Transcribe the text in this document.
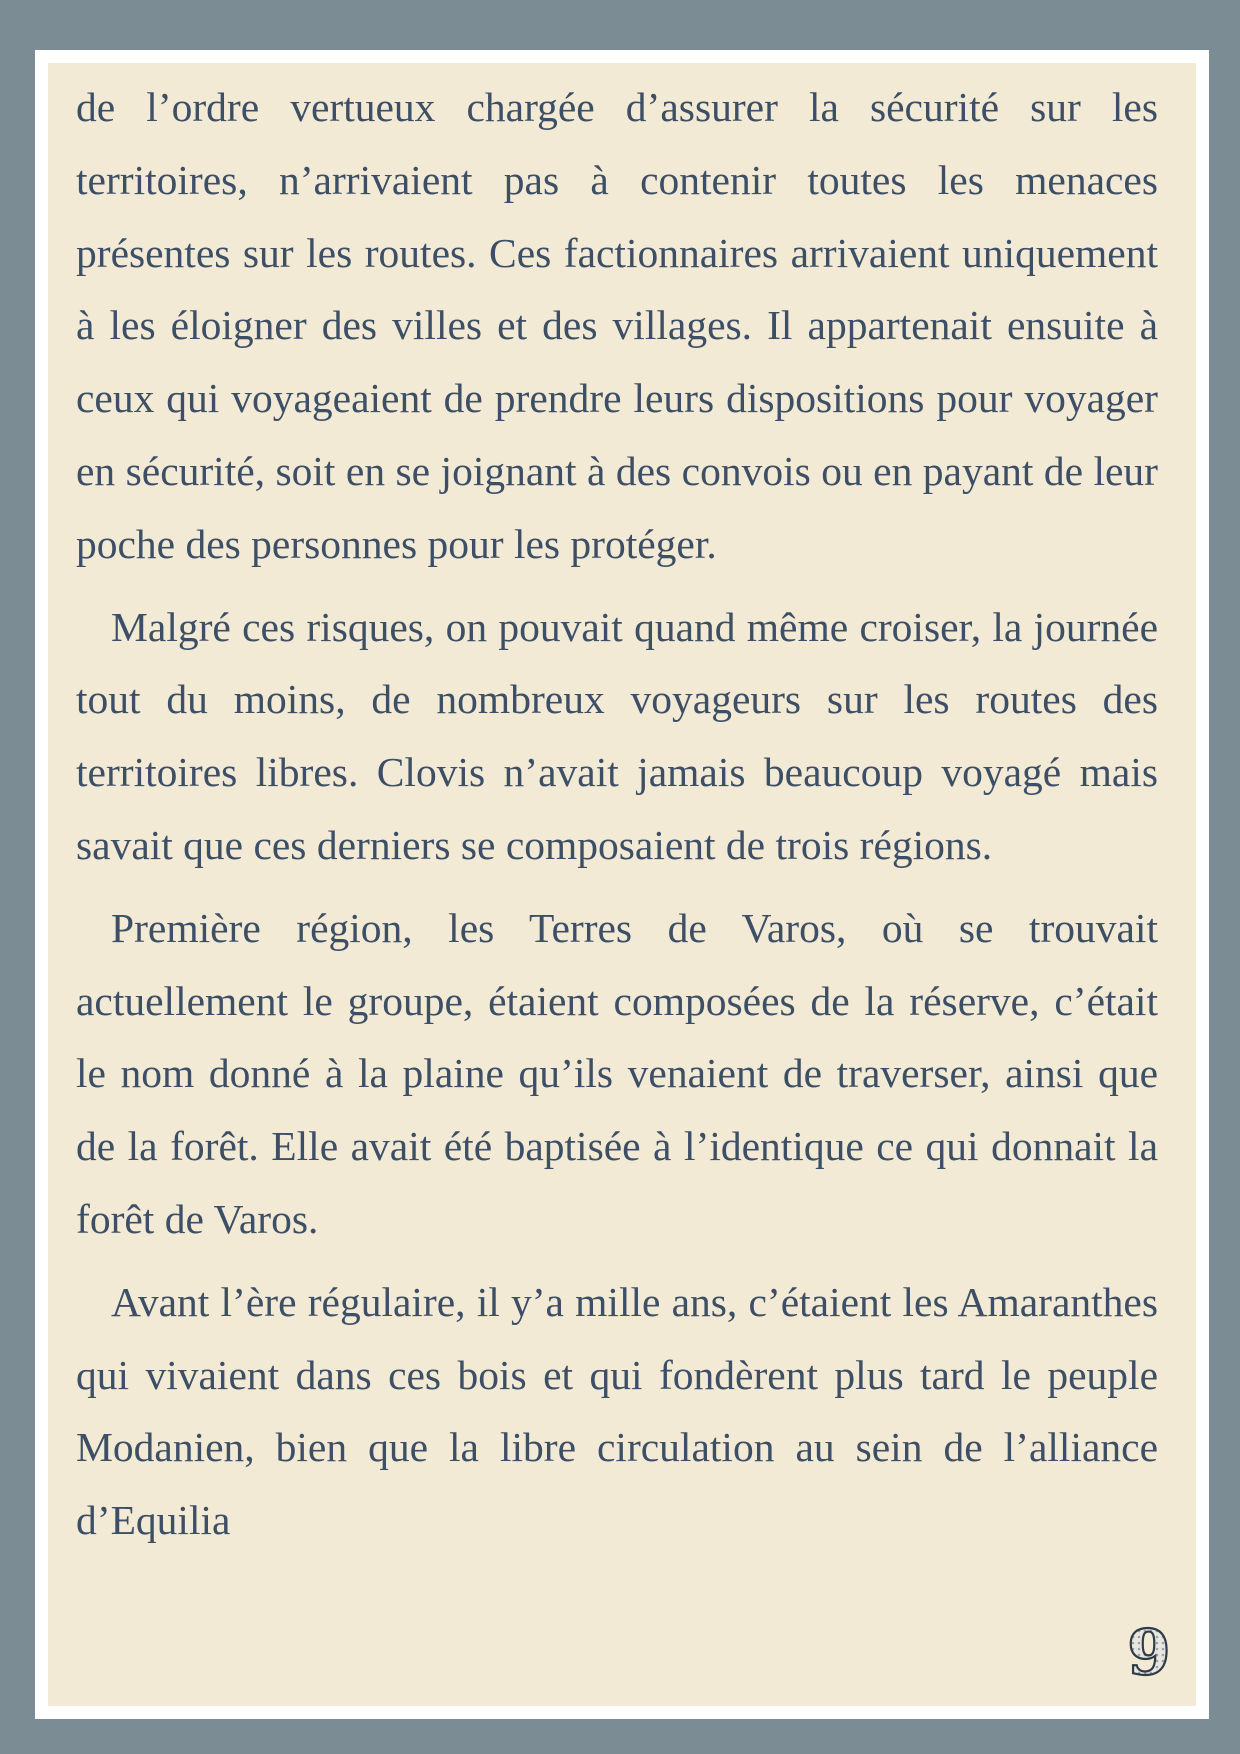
de l’ordre vertueux chargée d’assurer la sécurité sur les territoires, n’arrivaient pas à contenir toutes les menaces présentes sur les routes. Ces factionnaires arrivaient uniquement à les éloigner des villes et des villages. Il appartenait ensuite à ceux qui voyageaient de prendre leurs dispositions pour voyager en sécurité, soit en se joignant à des convois ou en payant de leur poche des personnes pour les protéger.

Malgré ces risques, on pouvait quand même croiser, la journée tout du moins, de nombreux voyageurs sur les routes des territoires libres. Clovis n’avait jamais beaucoup voyagé mais savait que ces derniers se composaient de trois régions.

Première région, les Terres de Varos, où se trouvait actuellement le groupe, étaient composées de la réserve, c’était le nom donné à la plaine qu’ils venaient de traverser, ainsi que de la forêt. Elle avait été baptisée à l’identique ce qui donnait la forêt de Varos.

Avant l’ère régulaire, il y’a mille ans, c’étaient les Amaranthes qui vivaient dans ces bois et qui fondèrent plus tard le peuple Modanien, bien que la libre circulation au sein de l’alliance d’Equilia

9
